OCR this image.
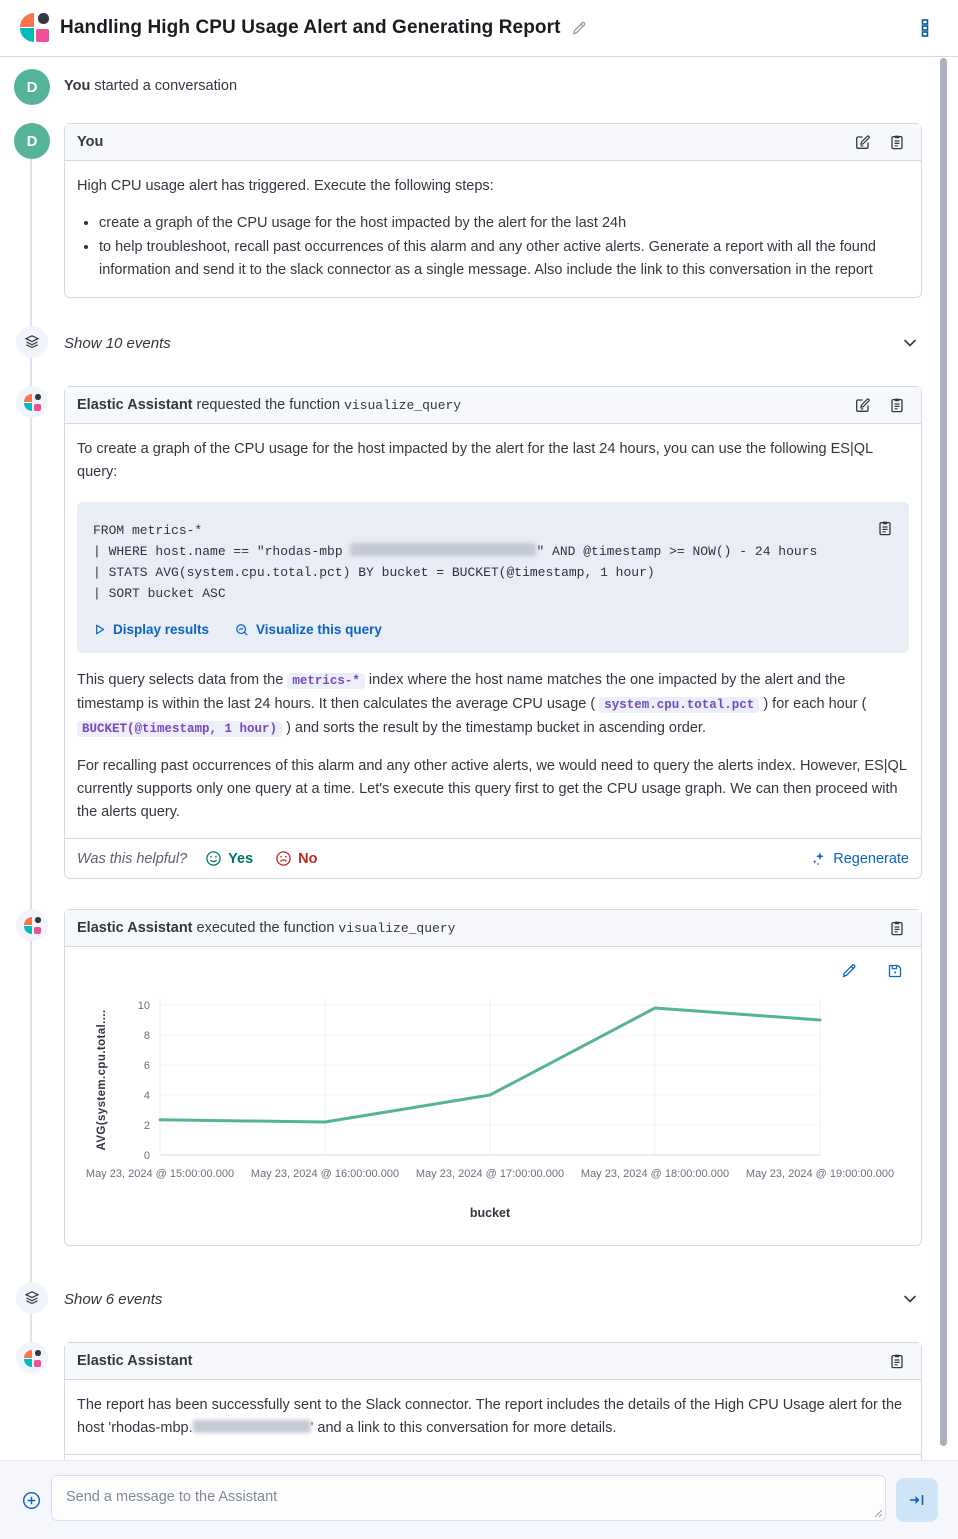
Handling High CPU Usage Alert and Generating Report
D	You started a conversation
D	You

High CPU usage alert has triggered. Execute the following steps:

• create a graph of the CPU usage for the host impacted by the alert for the last 24h
• to help troubleshoot, recall past occurrences of this alarm and any other active alerts. Generate a report with all the found information and send it to the slack connector as a single message. Also include the link to this conversation in the report
Show 10 events
Elastic Assistant requested the function visualize_query

To create a graph of the CPU usage for the host impacted by the alert for the last 24 hours, you can use the following ES|QL query:

FROM metrics-*
| WHERE host.name == "rhodas-mbp	" AND @timestamp >= NOW() - 24 hours
| STATS AVG(system.cpu.total.pct) BY bucket = BUCKET(@timestamp, 1 hour)
| SORT bucket ASC
Display results	Visualize this query

This query selects data from the metrics-* index where the host name matches the one impacted by the alert and the timestamp is within the last 24 hours. It then calculates the average CPU usage ( system.cpu.total.pct ) for each hour ( BUCKET(@timestamp, 1 hour) ) and sorts the result by the timestamp bucket in ascending order.

For recalling past occurrences of this alarm and any other active alerts, we would need to query the alerts index. However, ES|QL currently supports only one query at a time. Let's execute this query first to get the CPU usage graph. We can then proceed with the alerts query.

Was this helpful?	Yes	No	Regenerate
Elastic Assistant executed the function visualize_query
0
2
4
6
8
10
May 23, 2024 @ 15:00:00.000 May 23, 2024 @ 16:00:00.000 May 23, 2024 @ 17:00:00.000 May 23, 2024 @ 18:00:00.000 May 23, 2024 @ 19:00:00.000
AVG(system.cpu.total....
bucket
Show 6 events
Elastic Assistant

The report has been successfully sent to the Slack connector. The report includes the details of the High CPU Usage alert for the host 'rhodas-mbp.	' and a link to this conversation for more details.

Send a message to the Assistant
